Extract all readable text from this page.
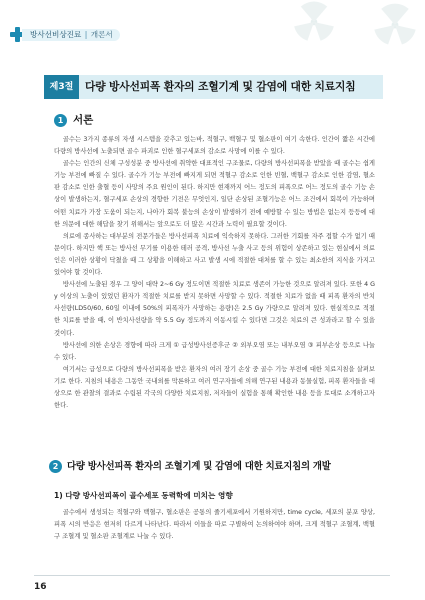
방사선비상진료 | 개론서
제3절	다량 방사선피폭 환자의 조혈기계 및 감염에 대한 치료지침
1 서론

골수는 3가지 종류의 자생 시스템을 갖추고 있는바, 적혈구, 백혈구 및 혈소판이 여기 속한다. 인간이 짧은 시간에 다량의 방사선에 노출되면 골수 파괴로 인한 혈구세포의 감소로 사망에 이를 수 있다.

골수는 인간의 신체 구성성분 중 방사선에 취약한 대표적인 구조물로, 다량의 방사선피폭을 받았을 때 골수는 쉽게 기능 부전에 빠질 수 있다. 골수가 기능 부전에 빠지게 되면 적혈구 감소로 인한 빈혈, 백혈구 감소로 인한 감염, 혈소판 감소로 인한 출혈 등이 사망의 주요 원인이 된다. 하지만 현재까지 어느 정도의 피폭으로 어느 정도의 골수 기능 손상이 발생하는지, 혈구세포 손상의 경향한 기전은 무엇인지, 일단 손상된 조혈기능은 어느 조건에서 회복이 가능하며 어떤 치료가 가장 도움이 되는지, 나아가 회복 불능의 손상이 발생하기 전에 예방할 수 있는 방법은 없는지 등등에 대한 의문에 대한 해답을 찾기 위해서는 앞으로도 더 많은 시간과 노력이 필요할 것이다.

의료에 종사하는 대부분의 전문가들은 방사선피폭 치료에 익숙하지 못하다. 그러한 기회를 자주 접할 수가 없기 때문이다. 하지만 핵 또는 방사선 무기를 이용한 테러 공격, 방사선 누출 사고 등의 위험이 상존하고 있는 현실에서 의료인은 이러한 상황이 닥쳤을 때 그 상황을 이해하고 사고 발생 시에 적절한 대처를 할 수 있는 최소한의 지식을 가지고 있어야 할 것이다.

방사선에 노출된 경우 그 양이 대략 2~6 Gy 정도이면 적절한 치료로 생존이 가능한 것으로 알려져 있다. 또한 4 Gy 이상의 노출이 있었던 환자가 적절한 치료를 받지 못하면 사망할 수 있다. 적절한 치료가 없을 때 피폭 환자의 반치사선량(LD50/60, 60일 이내에 50%의 피폭자가 사망하는 용량)은 2.5 Gy 가량으로 알려져 있다. 현실적으로 적절한 치료를 받을 때, 이 반치사선량을 약 5.5 Gy 정도까지 이동시킬 수 있다면 그것은 치료의 큰 성과라고 할 수 있을 것이다.

방사선에 의한 손상은 경향에 따라 크게 ① 급성방사선증후군 ② 외부오염 또는 내부오염 ③ 피부손상 등으로 나눌 수 있다.

여기서는 급성으로 다량의 방사선피폭을 받은 환자의 여러 장기 손상 중 골수 기능 부전에 대한 치료지침을 살펴보기로 한다. 지침의 내용은 그동안 국내외를 막론하고 여러 연구자들에 의해 연구된 내용과 동물실험, 피폭 환자들을 대상으로 한 관찰의 결과로 수립된 각국의 다양한 치료지침, 저자들이 실험을 통해 확인한 내용 등을 토대로 소개하고자 한다.

2 다량 방사선피폭 환자의 조혈기계 및 감염에 대한 치료지침의 개발
1) 다량 방사선피폭이 골수세포 동력학에 미치는 영향

골수에서 생성되는 적혈구와 백혈구, 혈소판은 공통의 줄기세포에서 기원하지만, time cycle, 세포의 분포 양상, 피폭 시의 반응은 현저히 다르게 나타난다. 따라서 이들을 따로 구별하여 논의하여야 하며, 크게 적혈구 조혈계, 백혈구 조혈계 및 혈소판 조혈계로 나눌 수 있다.

16
